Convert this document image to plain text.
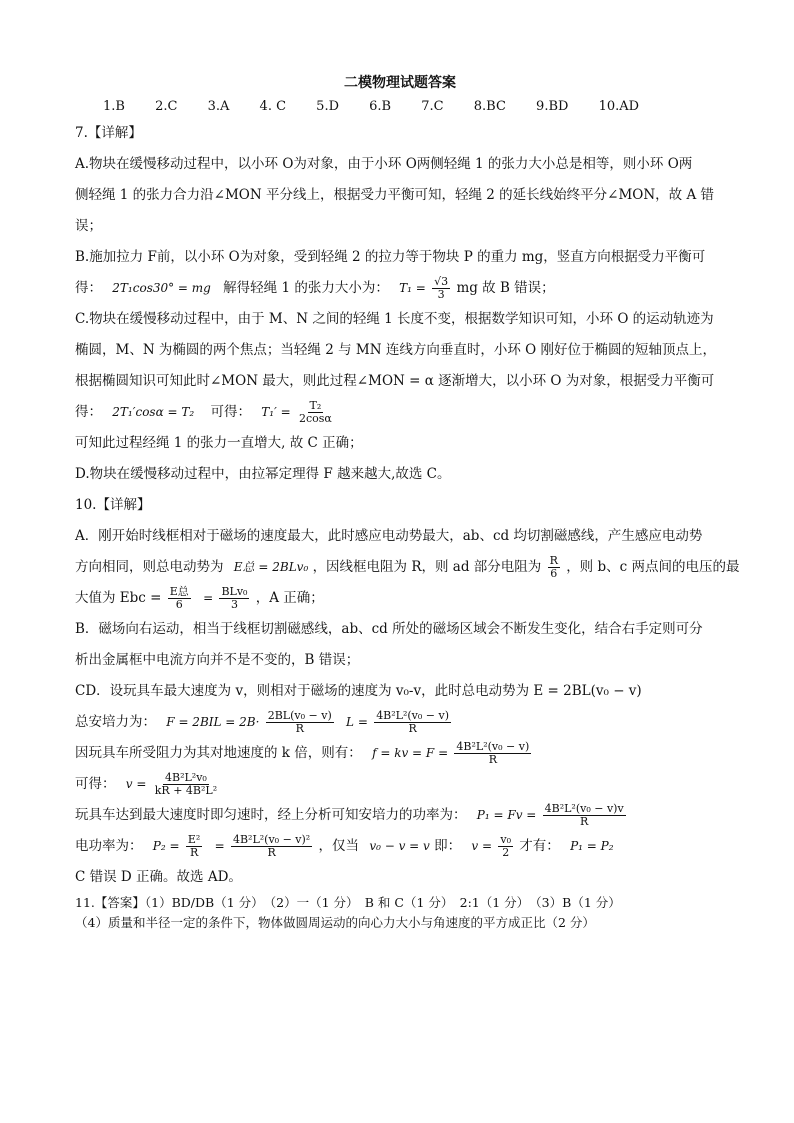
二模物理试题答案
1.B 2.C 3.A 4. C 5.D 6.B 7.C 8.BC 9.BD 10.AD

7.【详解】

A.物块在缓慢移动过程中，以小环 O为对象，由于小环 O两侧轻绳 1 的张力大小总是相等，则小环 O两

侧轻绳 1 的张力合力沿∠MON 平分线上，根据受力平衡可知，轻绳 2 的延长线始终平分∠MON，故 A 错

误；

B.施加拉力 F前，以小环 O为对象，受到轻绳 2 的拉力等于物块 P 的重力 mg，竖直方向根据受力平衡可

得： 2T₁cos30° = mg 解得轻绳 1 的张力大小为： $T_1 = \frac{√3}{3}$ mg 故 B 错误；

C.物块在缓慢移动过程中，由于 M、N 之间的轻绳 1 长度不变，根据数学知识可知，小环 O 的运动轨迹为

椭圆，M、N 为椭圆的两个焦点；当轻绳 2 与 MN 连线方向垂直时，小环 O 刚好位于椭圆的短轴顶点上，

根据椭圆知识可知此时∠MON 最大，则此过程∠MON = α 逐渐增大，以小环 O 为对象，根据受力平衡可

得： 2T₁′cosα = T₂ 可得： $T_1' = \frac{\text{T₂}}{2\cos\alpha}$

可知此过程经绳 1 的张力一直增大, 故 C 正确；

D.物块在缓慢移动过程中，由拉幂定理得 F 越来越大,故选 C。

10.【详解】

A．刚开始时线框相对于磁场的速度最大，此时感应电动势最大，ab、cd 均切割磁感线，产生感应电动势

方向相同，则总电动势为 E总 = 2BLv₀ ，因线框电阻为 R，则 ad 部分电阻为 $\frac{R}{6}$ ，则 b、c 两点间的电压的最

大值为 Ebc = $\frac{\text{E总}}{6} = \frac{\text{BLv₀}}{3}$ ，A 正确；

B．磁场向右运动，相当于线框切割磁感线，ab、cd 所处的磁场区域会不断发生变化，结合右手定则可分

析出金属框中电流方向并不是不变的，B 错误；

CD．设玩具车最大速度为 v，则相对于磁场的速度为 v₀-v，此时总电动势为 E = 2BL(v₀ − v)

总安培力为： $F = 2BIL = 2B\cdot \frac{\text{2BL(v₀ − v)}}{R}$ $L = \frac{\text{4B²L²(v₀ − v)}}{R}$

因玩具车所受阻力为其对地速度的 k 倍，则有： f = kv = $F = \frac{\text{4B²L²(v₀ − v)}}{R}$

可得： $v = \frac{\text{4B²L²v₀}}{\text{kR + 4B²L²}}$

玩具车达到最大速度时即匀速时，经上分析可知安培力的功率为： $P_1 = Fv = \frac{\text{4B²L²(v₀ − v)v}}{R}$

电功率为： $P_2 = \frac{\text{E²}}{R} = \frac{\text{4B²L²(v₀ − v)²}}{R}$ ，仅当 v₀ − v = v 即： $v = \frac{\text{v₀}}{2}$ 才有： P₁ = P₂

C 错误 D 正确。故选 AD。

11.【答案】（1）BD/DB（1 分）　（2）一（1 分）　B 和 C（1 分）　2:1（1 分）　（3）B（1 分）

（4）质量和半径一定的条件下，物体做圆周运动的向心力大小与角速度的平方成正比（2 分）
